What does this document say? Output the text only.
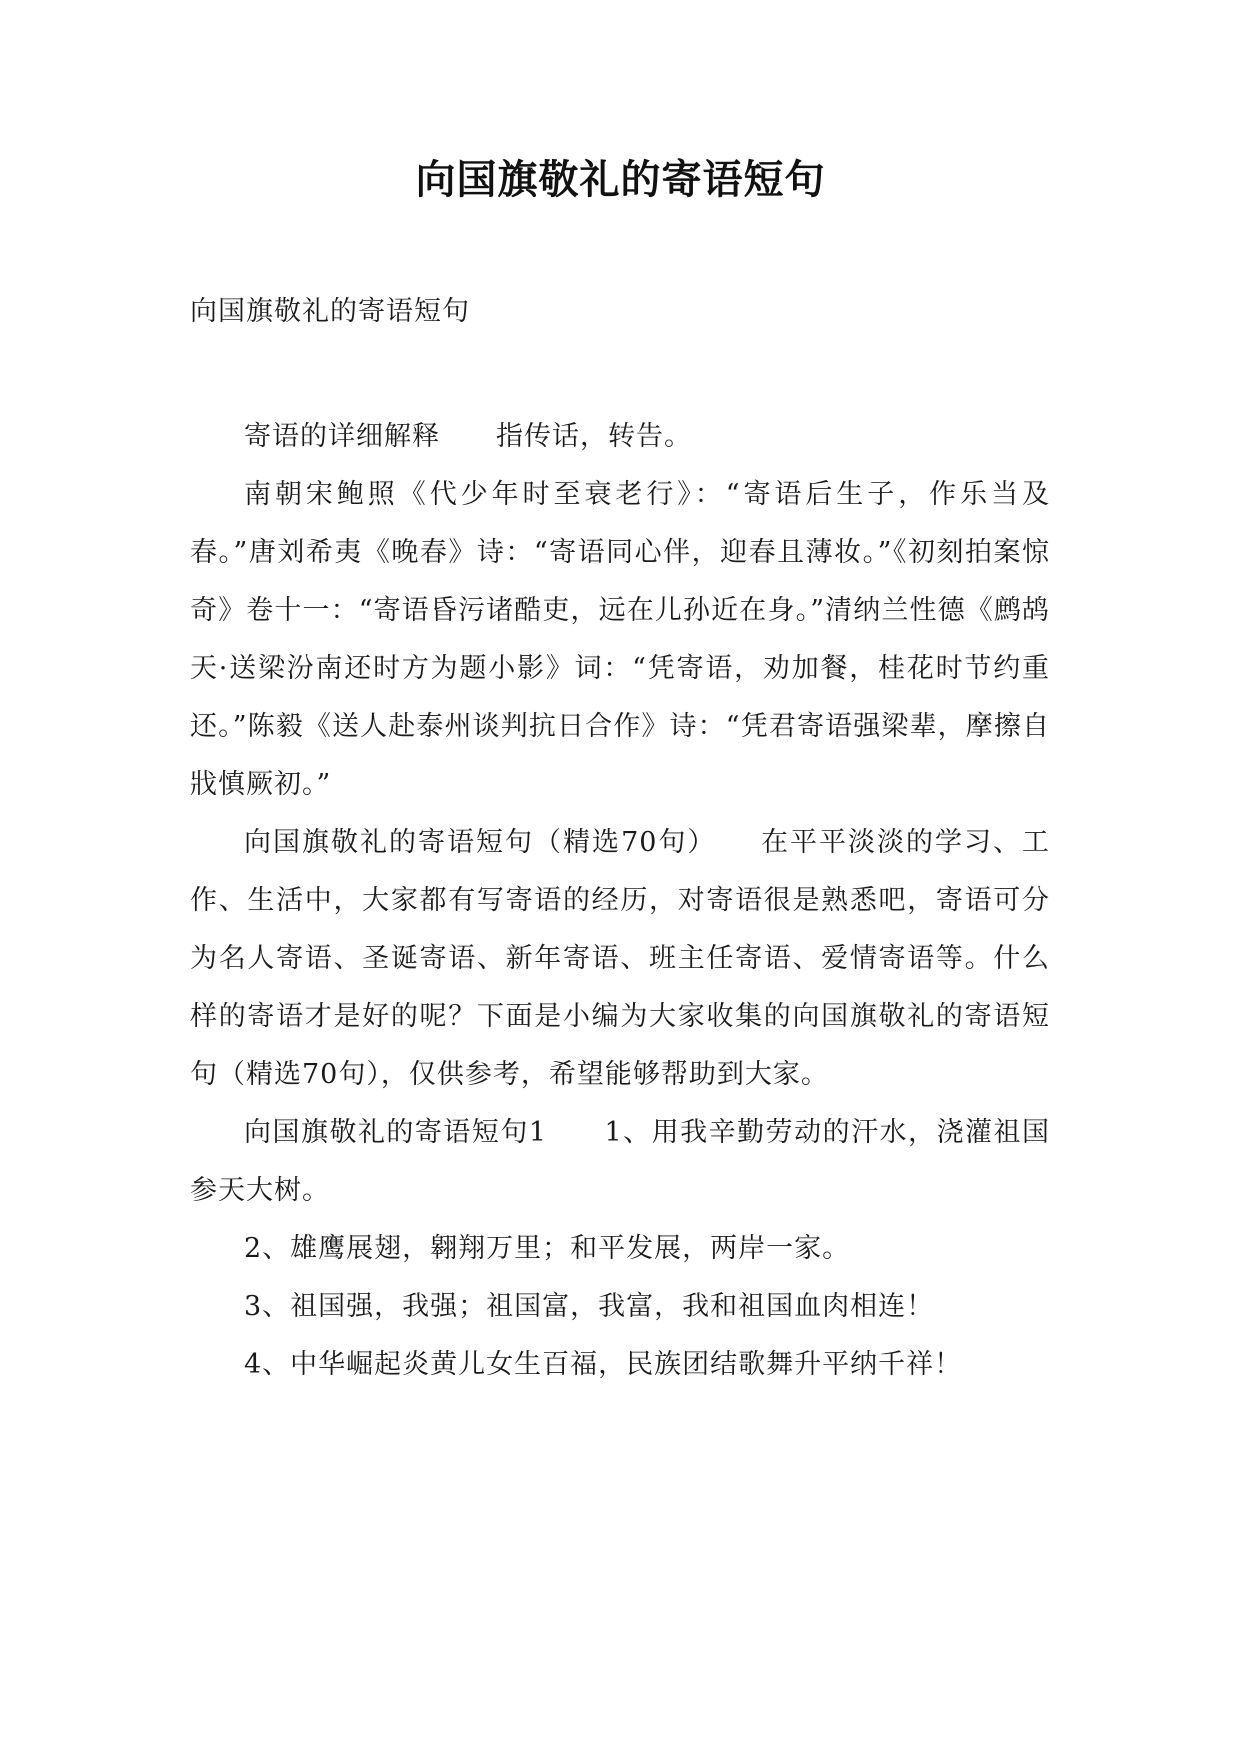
向国旗敬礼的寄语短句
向国旗敬礼的寄语短句

寄语的详细解释　　指传话，转告。

南朝宋鲍照《代少年时至衰老行》：“寄语后生子，作乐当及春。”唐刘希夷《晚春》诗：“寄语同心伴，迎春且薄妆。”《初刻拍案惊奇》卷十一：“寄语昏污诸酷吏，远在儿孙近在身。”清纳兰性德《鹧鸪天·送梁汾南还时方为题小影》词：“凭寄语，劝加餐，桂花时节约重还。”陈毅《送人赴泰州谈判抗日合作》诗：“凭君寄语强梁辈，摩擦自戕慎厥初。”

向国旗敬礼的寄语短句（精选70句）　　在平平淡淡的学习、工作、生活中，大家都有写寄语的经历，对寄语很是熟悉吧，寄语可分为名人寄语、圣诞寄语、新年寄语、班主任寄语、爱情寄语等。什么样的寄语才是好的呢？下面是小编为大家收集的向国旗敬礼的寄语短句（精选70句），仅供参考，希望能够帮助到大家。

向国旗敬礼的寄语短句1　　1、用我辛勤劳动的汗水，浇灌祖国参天大树。

2、雄鹰展翅，翱翔万里；和平发展，两岸一家。

3、祖国强，我强；祖国富，我富，我和祖国血肉相连！

4、中华崛起炎黄儿女生百福，民族团结歌舞升平纳千祥！
